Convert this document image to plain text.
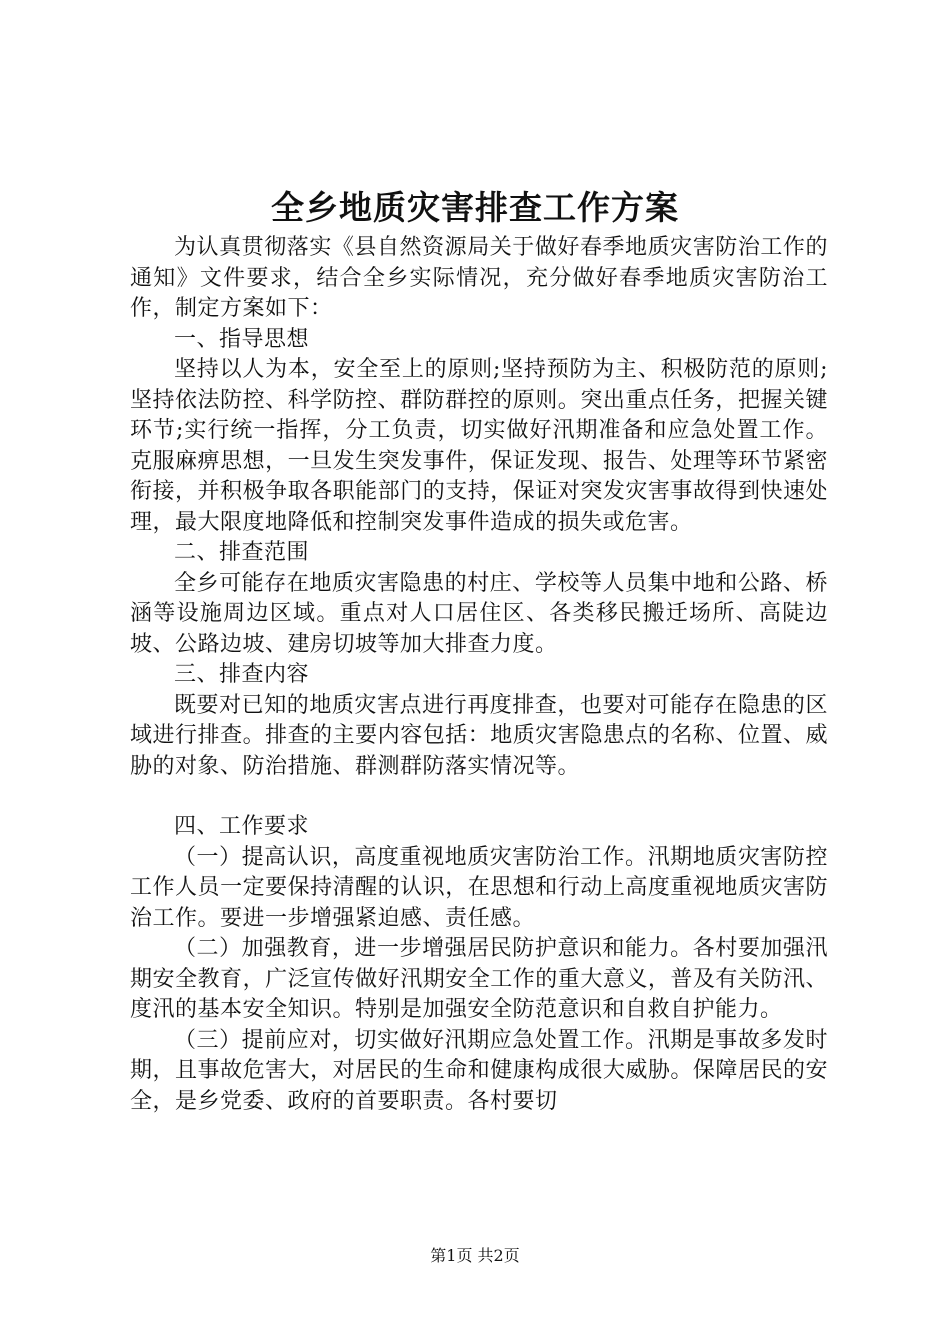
全乡地质灾害排查工作方案

为认真贯彻落实《县自然资源局关于做好春季地质灾害防治工作的通知》文件要求，结合全乡实际情况，充分做好春季地质灾害防治工作，制定方案如下：

一、指导思想

坚持以人为本，安全至上的原则;坚持预防为主、积极防范的原则;坚持依法防控、科学防控、群防群控的原则。突出重点任务，把握关键环节;实行统一指挥，分工负责，切实做好汛期准备和应急处置工作。克服麻痹思想，一旦发生突发事件，保证发现、报告、处理等环节紧密衔接，并积极争取各职能部门的支持，保证对突发灾害事故得到快速处理，最大限度地降低和控制突发事件造成的损失或危害。

二、排查范围

全乡可能存在地质灾害隐患的村庄、学校等人员集中地和公路、桥涵等设施周边区域。重点对人口居住区、各类移民搬迁场所、高陡边坡、公路边坡、建房切坡等加大排查力度。

三、排查内容

既要对已知的地质灾害点进行再度排查，也要对可能存在隐患的区域进行排查。排查的主要内容包括：地质灾害隐患点的名称、位置、威胁的对象、防治措施、群测群防落实情况等。

四、工作要求

（一）提高认识，高度重视地质灾害防治工作。汛期地质灾害防控工作人员一定要保持清醒的认识，在思想和行动上高度重视地质灾害防治工作。要进一步增强紧迫感、责任感。

（二）加强教育，进一步增强居民防护意识和能力。各村要加强汛期安全教育，广泛宣传做好汛期安全工作的重大意义，普及有关防汛、度汛的基本安全知识。特别是加强安全防范意识和自救自护能力。

（三）提前应对，切实做好汛期应急处置工作。汛期是事故多发时期，且事故危害大，对居民的生命和健康构成很大威胁。保障居民的安全，是乡党委、政府的首要职责。各村要切

第1页 共2页
